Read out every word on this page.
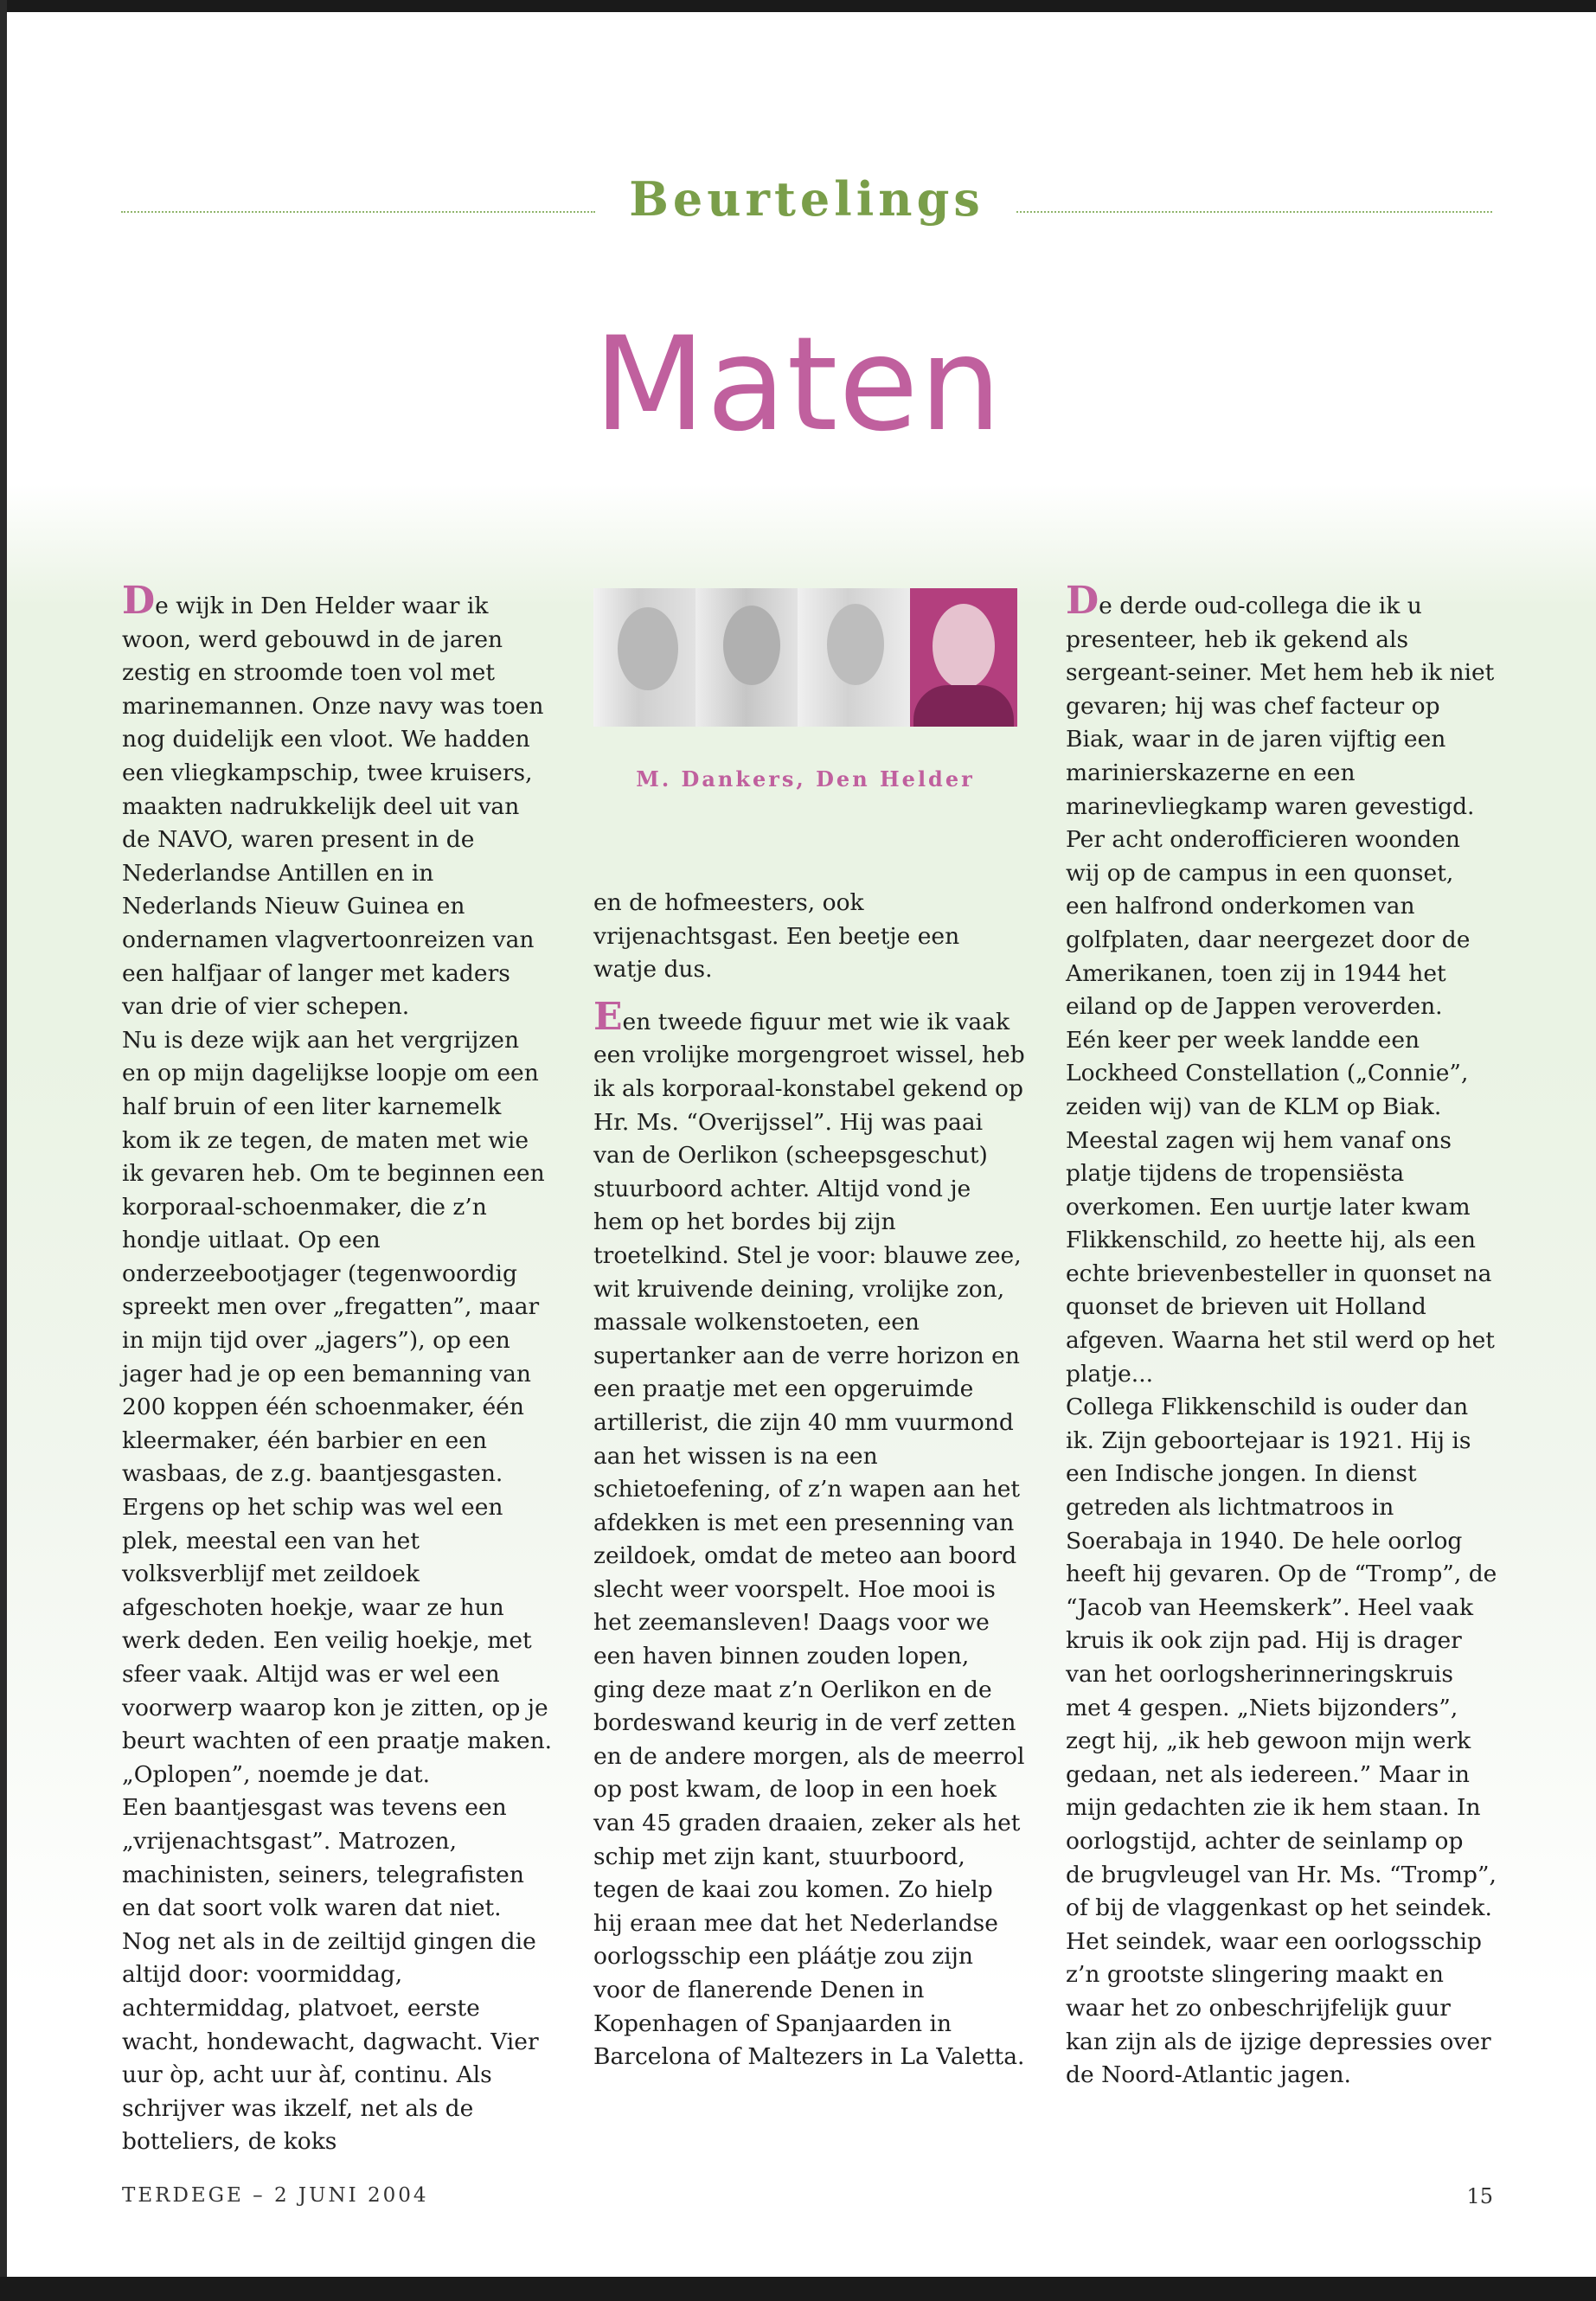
Beurtelings
Maten

De wijk in Den Helder waar ik woon, werd gebouwd in de jaren zestig en stroomde toen vol met marinemannen. Onze navy was toen nog duidelijk een vloot. We hadden een vliegkampschip, twee kruisers, maakten nadrukkelijk deel uit van de NAVO, waren present in de Nederlandse Antillen en in Nederlands Nieuw Guinea en ondernamen vlagvertoonreizen van een halfjaar of langer met kaders van drie of vier schepen.

Nu is deze wijk aan het vergrijzen en op mijn dagelijkse loopje om een half bruin of een liter karnemelk kom ik ze tegen, de maten met wie ik gevaren heb. Om te beginnen een korporaal-schoenmaker, die z’n hondje uitlaat. Op een onderzeebootjager (tegenwoordig spreekt men over „fregatten”, maar in mijn tijd over „jagers”), op een jager had je op een bemanning van 200 koppen één schoenmaker, één kleermaker, één barbier en een wasbaas, de z.g. baantjesgasten. Ergens op het schip was wel een plek, meestal een van het volksverblijf met zeildoek afgeschoten hoekje, waar ze hun werk deden. Een veilig hoekje, met sfeer vaak. Altijd was er wel een voorwerp waarop kon je zitten, op je beurt wachten of een praatje maken. „Oplopen”, noemde je dat.

Een baantjesgast was tevens een „vrijenachtsgast”. Matrozen, machinisten, seiners, telegrafisten en dat soort volk waren dat niet. Nog net als in de zeiltijd gingen die altijd door: voormiddag, achtermiddag, platvoet, eerste wacht, hondewacht, dagwacht. Vier uur òp, acht uur àf, continu. Als schrijver was ikzelf, net als de botteliers, de koks

M. Dankers, Den Helder

en de hofmeesters, ook vrijenachtsgast. Een beetje een watje dus.

Een tweede figuur met wie ik vaak een vrolijke morgengroet wissel, heb ik als korporaal-konstabel gekend op Hr. Ms. “Overijssel”. Hij was paai van de Oerlikon (scheepsgeschut) stuurboord achter. Altijd vond je hem op het bordes bij zijn troetelkind. Stel je voor: blauwe zee, wit kruivende deining, vrolijke zon, massale wolkenstoeten, een supertanker aan de verre horizon en een praatje met een opgeruimde artillerist, die zijn 40 mm vuurmond aan het wissen is na een schietoefening, of z’n wapen aan het afdekken is met een presenning van zeildoek, omdat de meteo aan boord slecht weer voorspelt. Hoe mooi is het zeemansleven! Daags voor we een haven binnen zouden lopen, ging deze maat z’n Oerlikon en de bordeswand keurig in de verf zetten en de andere morgen, als de meerrol op post kwam, de loop in een hoek van 45 graden draaien, zeker als het schip met zijn kant, stuurboord, tegen de kaai zou komen. Zo hielp hij eraan mee dat het Nederlandse oorlogsschip een pláátje zou zijn voor de flanerende Denen in Kopenhagen of Spanjaarden in Barcelona of Maltezers in La Valetta.

De derde oud-collega die ik u presenteer, heb ik gekend als sergeant-seiner. Met hem heb ik niet gevaren; hij was chef facteur op Biak, waar in de jaren vijftig een marinierskazerne en een marinevliegkamp waren gevestigd. Per acht onderofficieren woonden wij op de campus in een quonset, een halfrond onderkomen van golfplaten, daar neergezet door de Amerikanen, toen zij in 1944 het eiland op de Jappen veroverden.

Eén keer per week landde een Lockheed Constellation („Connie”, zeiden wij) van de KLM op Biak. Meestal zagen wij hem vanaf ons platje tijdens de tropensiësta overkomen. Een uurtje later kwam Flikkenschild, zo heette hij, als een echte brievenbesteller in quonset na quonset de brieven uit Holland afgeven. Waarna het stil werd op het platje...

Collega Flikkenschild is ouder dan ik. Zijn geboortejaar is 1921. Hij is een Indische jongen. In dienst getreden als lichtmatroos in Soerabaja in 1940. De hele oorlog heeft hij gevaren. Op de “Tromp”, de “Jacob van Heemskerk”. Heel vaak kruis ik ook zijn pad. Hij is drager van het oorlogsherinneringskruis met 4 gespen. „Niets bijzonders”, zegt hij, „ik heb gewoon mijn werk gedaan, net als iedereen.” Maar in mijn gedachten zie ik hem staan. In oorlogstijd, achter de seinlamp op de brugvleugel van Hr. Ms. “Tromp”, of bij de vlaggenkast op het seindek. Het seindek, waar een oorlogsschip z’n grootste slingering maakt en waar het zo onbeschrijfelijk guur kan zijn als de ijzige depressies over de Noord-Atlantic jagen.

TERDEGE – 2 JUNI 2004	15
